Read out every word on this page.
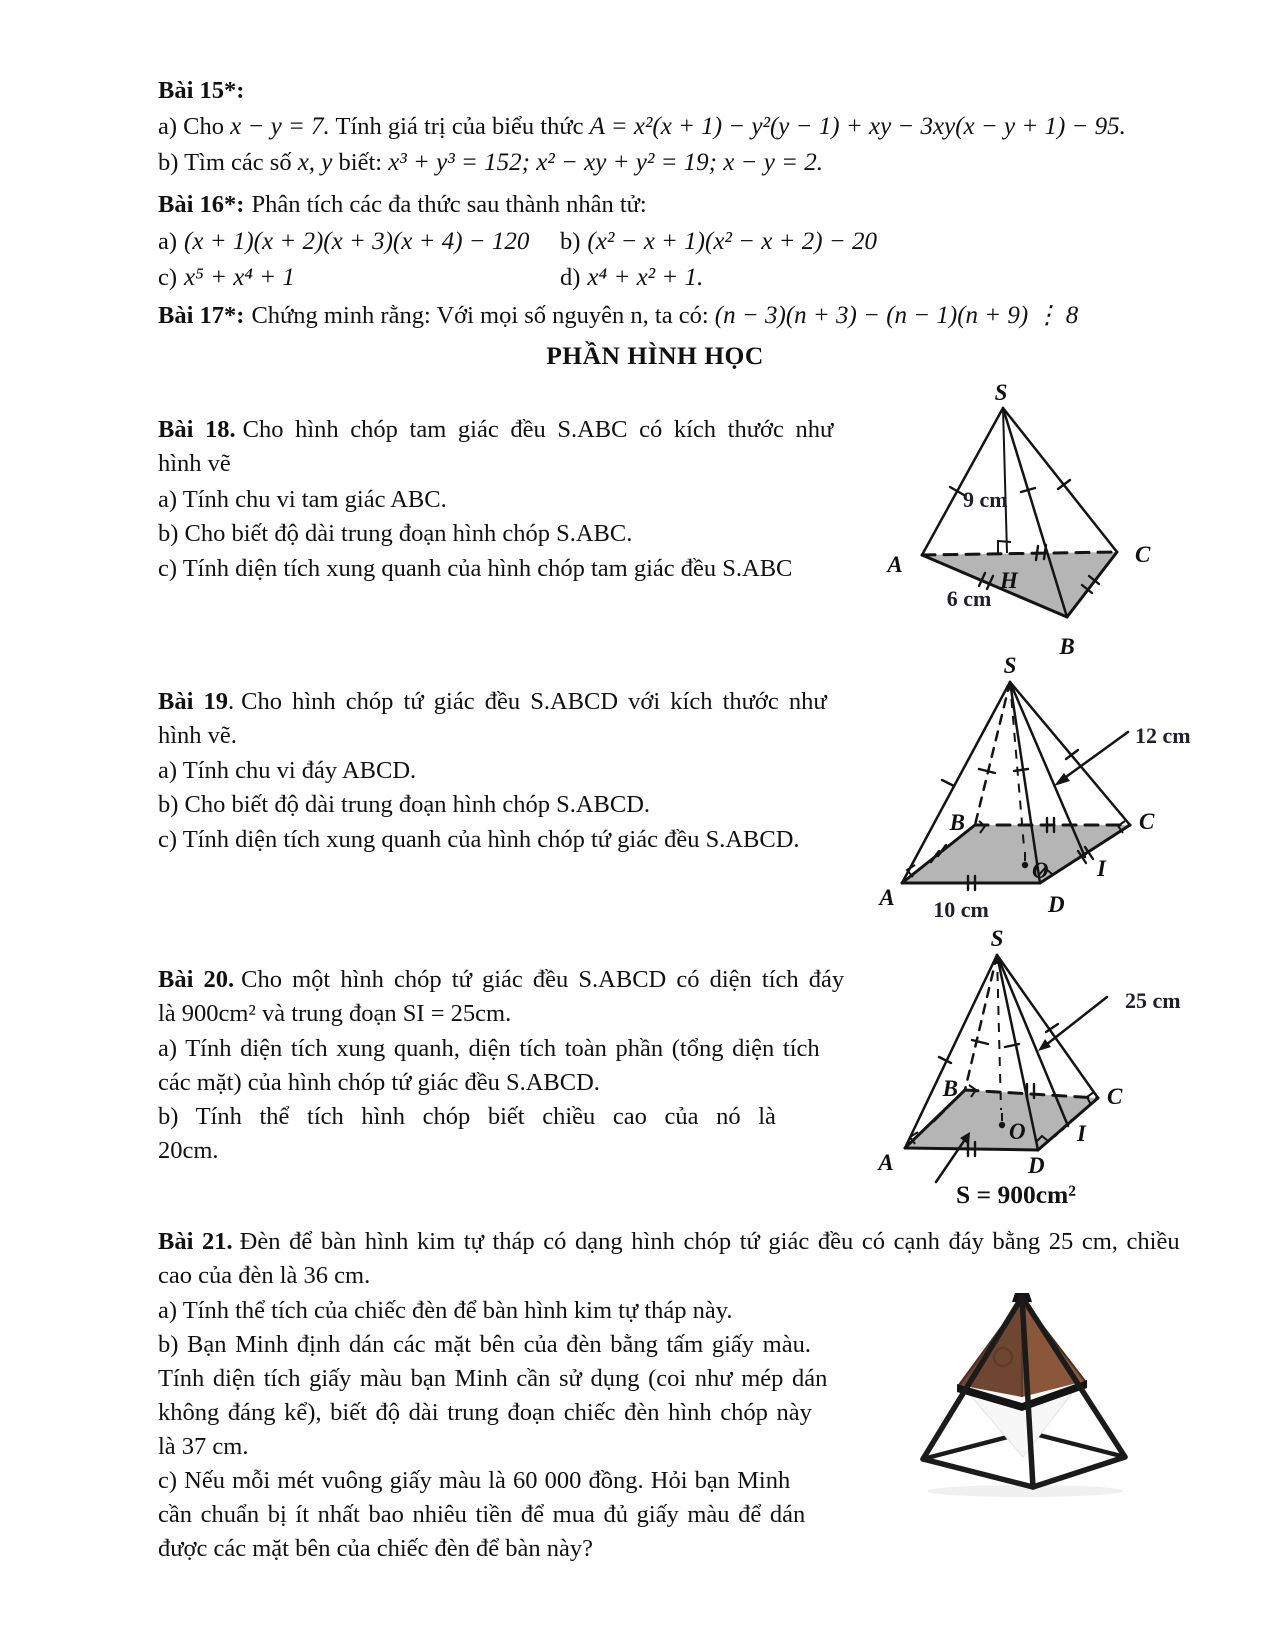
Bài 15*:
a) Cho x − y = 7. Tính giá trị của biểu thức A = x²(x + 1) − y²(y − 1) + xy − 3xy(x − y + 1) − 95.
b) Tìm các số x, y biết: x³ + y³ = 152; x² − xy + y² = 19; x − y = 2.
Bài 16*: Phân tích các đa thức sau thành nhân tử:
a) (x + 1)(x + 2)(x + 3)(x + 4) − 120 b) (x² − x + 1)(x² − x + 2) − 20
c) x⁵ + x⁴ + 1	d) x⁴ + x² + 1.
Bài 17*: Chứng minh rằng: Với mọi số nguyên n, ta có: (n − 3)(n + 3) − (n − 1)(n + 9) ⋮ 8
PHẦN HÌNH HỌC
Bài 18. Cho hình chóp tam giác đều S.ABC có kích thước như
hình vẽ
a) Tính chu vi tam giác ABC.
b) Cho biết độ dài trung đoạn hình chóp S.ABC.
c) Tính diện tích xung quanh của hình chóp tam giác đều S.ABC
S
A	C
B
H
9 cm
6 cm
Bài 19. Cho hình chóp tứ giác đều S.ABCD với kích thước như
hình vẽ.
a) Tính chu vi đáy ABCD.
b) Cho biết độ dài trung đoạn hình chóp S.ABCD.
c) Tính diện tích xung quanh của hình chóp tứ giác đều S.ABCD.
S
B	C
O I
A	D
10 cm
12 cm
Bài 20. Cho một hình chóp tứ giác đều S.ABCD có diện tích đáy
là 900cm² và trung đoạn SI = 25cm.
a) Tính diện tích xung quanh, diện tích toàn phần (tổng diện tích
các mặt) của hình chóp tứ giác đều S.ABCD.
b) Tính thể tích hình chóp biết chiều cao của nó là
20cm.
S
B	C
O I
A	D
25 cm
S = 900cm²
Bài 21. Đèn để bàn hình kim tự tháp có dạng hình chóp tứ giác đều có cạnh đáy bằng 25 cm, chiều
cao của đèn là 36 cm.
a) Tính thể tích của chiếc đèn để bàn hình kim tự tháp này.
b) Bạn Minh định dán các mặt bên của đèn bằng tấm giấy màu.
Tính diện tích giấy màu bạn Minh cần sử dụng (coi như mép dán
không đáng kể), biết độ dài trung đoạn chiếc đèn hình chóp này
là 37 cm.
c) Nếu mỗi mét vuông giấy màu là 60 000 đồng. Hỏi bạn Minh
cần chuẩn bị ít nhất bao nhiêu tiền để mua đủ giấy màu để dán
được các mặt bên của chiếc đèn để bàn này?
